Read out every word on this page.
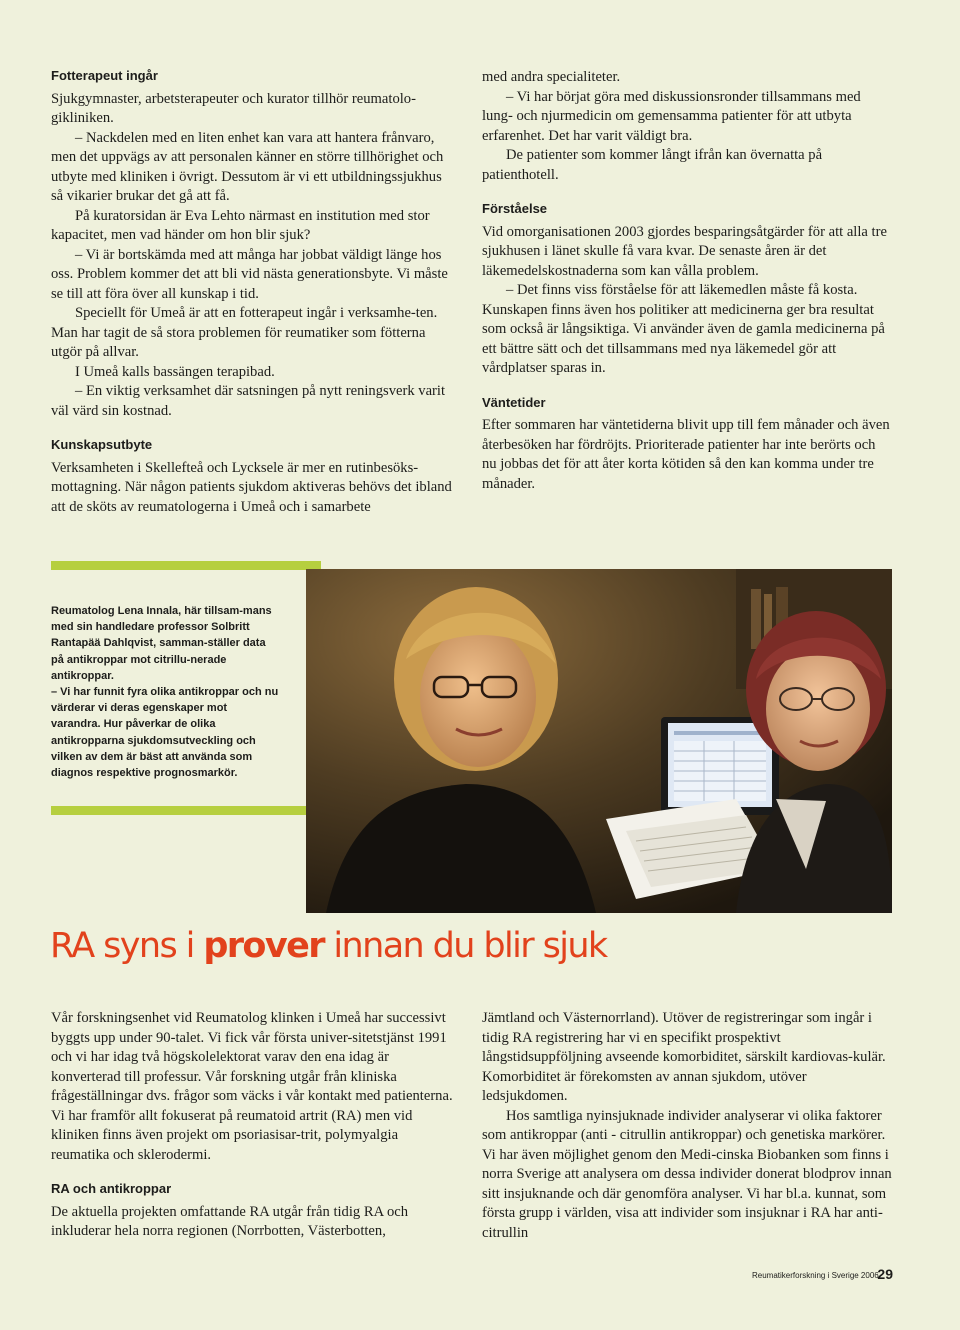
Fotterapeut ingår

Sjukgymnaster, arbetsterapeuter och kurator tillhör reumatolo-gikliniken.

– Nackdelen med en liten enhet kan vara att hantera frånvaro, men det uppvägs av att personalen känner en större tillhörighet och utbyte med kliniken i övrigt. Dessutom är vi ett utbildningssjukhus så vikarier brukar det gå att få.

På kuratorsidan är Eva Lehto närmast en institution med stor kapacitet, men vad händer om hon blir sjuk?

– Vi är bortskämda med att många har jobbat väldigt länge hos oss. Problem kommer det att bli vid nästa generationsbyte. Vi måste se till att föra över all kunskap i tid.

Speciellt för Umeå är att en fotterapeut ingår i verksamhe-ten. Man har tagit de så stora problemen för reumatiker som fötterna utgör på allvar.

I Umeå kalls bassängen terapibad.

– En viktig verksamhet där satsningen på nytt reningsverk varit väl värd sin kostnad.

Kunskapsutbyte

Verksamheten i Skellefteå och Lycksele är mer en rutinbesöks-mottagning. När någon patients sjukdom aktiveras behövs det ibland att de sköts av reumatologerna i Umeå och i samarbete

med andra specialiteter.

– Vi har börjat göra med diskussionsronder tillsammans med lung- och njurmedicin om gemensamma patienter för att utbyta erfarenhet. Det har varit väldigt bra.

De patienter som kommer långt ifrån kan övernatta på patienthotell.

Förståelse

Vid omorganisationen 2003 gjordes besparingsåtgärder för att alla tre sjukhusen i länet skulle få vara kvar. De senaste åren är det läkemedelskostnaderna som kan vålla problem.

– Det finns viss förståelse för att läkemedlen måste få kosta. Kunskapen finns även hos politiker att medicinerna ger bra resultat som också är långsiktiga. Vi använder även de gamla medicinerna på ett bättre sätt och det tillsammans med nya läkemedel gör att vårdplatser sparas in.

Väntetider

Efter sommaren har väntetiderna blivit upp till fem månader och även återbesöken har fördröjts. Prioriterade patienter har inte berörts och nu jobbas det för att åter korta kötiden så den kan komma under tre månader.

Reumatolog Lena Innala, här tillsam-mans med sin handledare professor Solbritt Rantapää Dahlqvist, samman-ställer data på antikroppar mot citrillu-nerade antikroppar.

– Vi har funnit fyra olika antikroppar och nu värderar vi deras egenskaper mot varandra. Hur påverkar de olika antikropparna sjukdomsutveckling och vilken av dem är bäst att använda som diagnos respektive prognosmarkör.

RA syns i prover innan du blir sjuk

Vår forskningsenhet vid Reumatolog klinken i Umeå har successivt byggts upp under 90-talet. Vi fick vår första univer-sitetstjänst 1991 och vi har idag två högskolelektorat varav den ena idag är konverterad till professur. Vår forskning utgår från kliniska frågeställningar dvs. frågor som väcks i vår kontakt med patienterna. Vi har framför allt fokuserat på reumatoid artrit (RA) men vid kliniken finns även projekt om psoriasisar-trit, polymyalgia reumatika och sklerodermi.

RA och antikroppar

De aktuella projekten omfattande RA utgår från tidig RA och inkluderar hela norra regionen (Norrbotten, Västerbotten,

Jämtland och Västernorrland). Utöver de registreringar som ingår i tidig RA registrering har vi en specifikt prospektivt långstidsuppföljning avseende komorbiditet, särskilt kardiovas-kulär. Komorbiditet är förekomsten av annan sjukdom, utöver ledsjukdomen.

Hos samtliga nyinsjuknade individer analyserar vi olika faktorer som antikroppar (anti - citrullin antikroppar) och genetiska markörer. Vi har även möjlighet genom den Medi-cinska Biobanken som finns i norra Sverige att analysera om dessa individer donerat blodprov innan sitt insjuknande och där genomföra analyser. Vi har bl.a. kunnat, som första grupp i världen, visa att individer som insjuknar i RA har anti-citrullin

Reumatikerforskning i Sverige 2006
29
